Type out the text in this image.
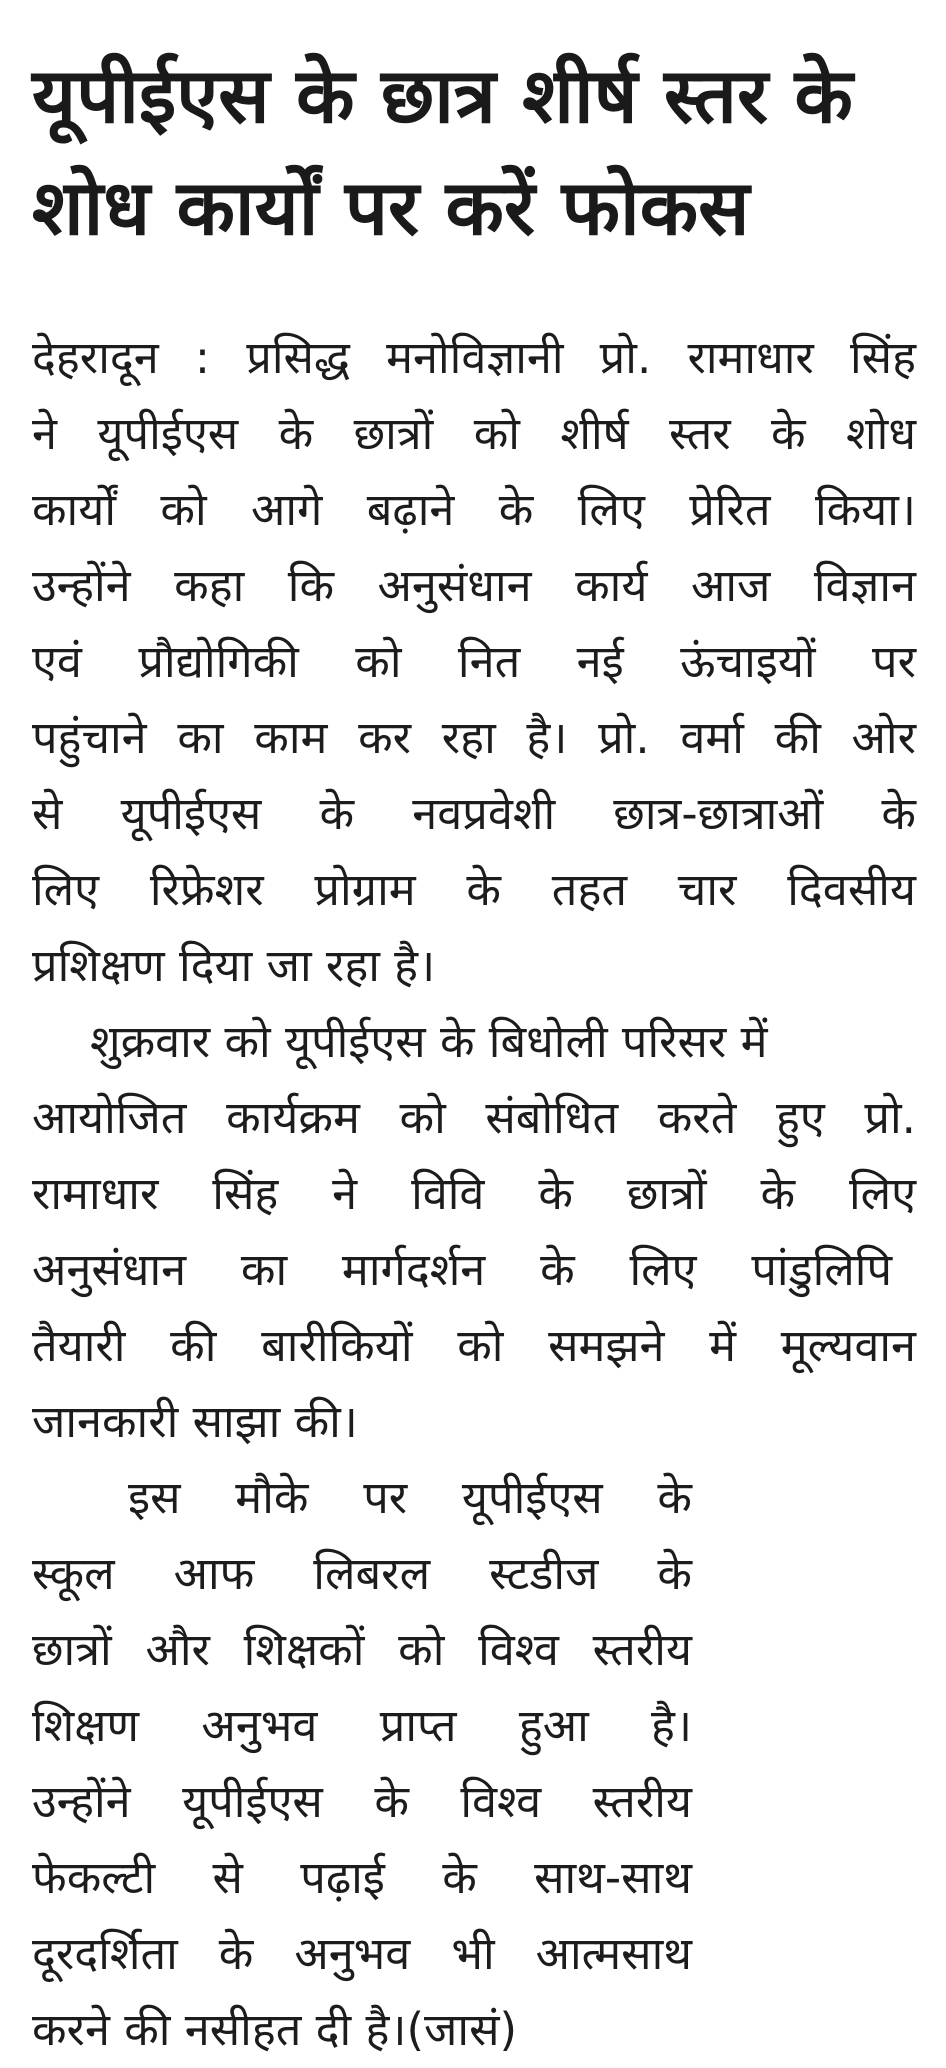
यूपीईएस के छात्र शीर्ष स्तर के
शोध कार्यों पर करें फोकस
देहरादून : प्रसिद्ध मनोविज्ञानी प्रो. रामाधार सिंह
ने यूपीईएस के छात्रों को शीर्ष स्तर के शोध
कार्यों को आगे बढ़ाने के लिए प्रेरित किया।
उन्होंने कहा कि अनुसंधान कार्य आज विज्ञान
एवं प्रौद्योगिकी को नित नई ऊंचाइयों पर
पहुंचाने का काम कर रहा है। प्रो. वर्मा की ओर
से यूपीईएस के नवप्रवेशी छात्र-छात्राओं के
लिए रिफ्रेशर प्रोग्राम के तहत चार दिवसीय
प्रशिक्षण दिया जा रहा है।
शुक्रवार को यूपीईएस के बिधोली परिसर में
आयोजित कार्यक्रम को संबोधित करते हुए प्रो.
रामाधार सिंह ने विवि के छात्रों के लिए
अनुसंधान का मार्गदर्शन के लिए पांडुलिपि
तैयारी की बारीकियों को समझने में मूल्यवान
जानकारी साझा की।
इस मौके पर यूपीईएस के
स्कूल आफ लिबरल स्टडीज के
छात्रों और शिक्षकों को विश्व स्तरीय
शिक्षण अनुभव प्राप्त हुआ है।
उन्होंने यूपीईएस के विश्व स्तरीय
फेकल्टी से पढ़ाई के साथ-साथ
दूरदर्शिता के अनुभव भी आत्मसाथ
करने की नसीहत दी है।(जासं)
